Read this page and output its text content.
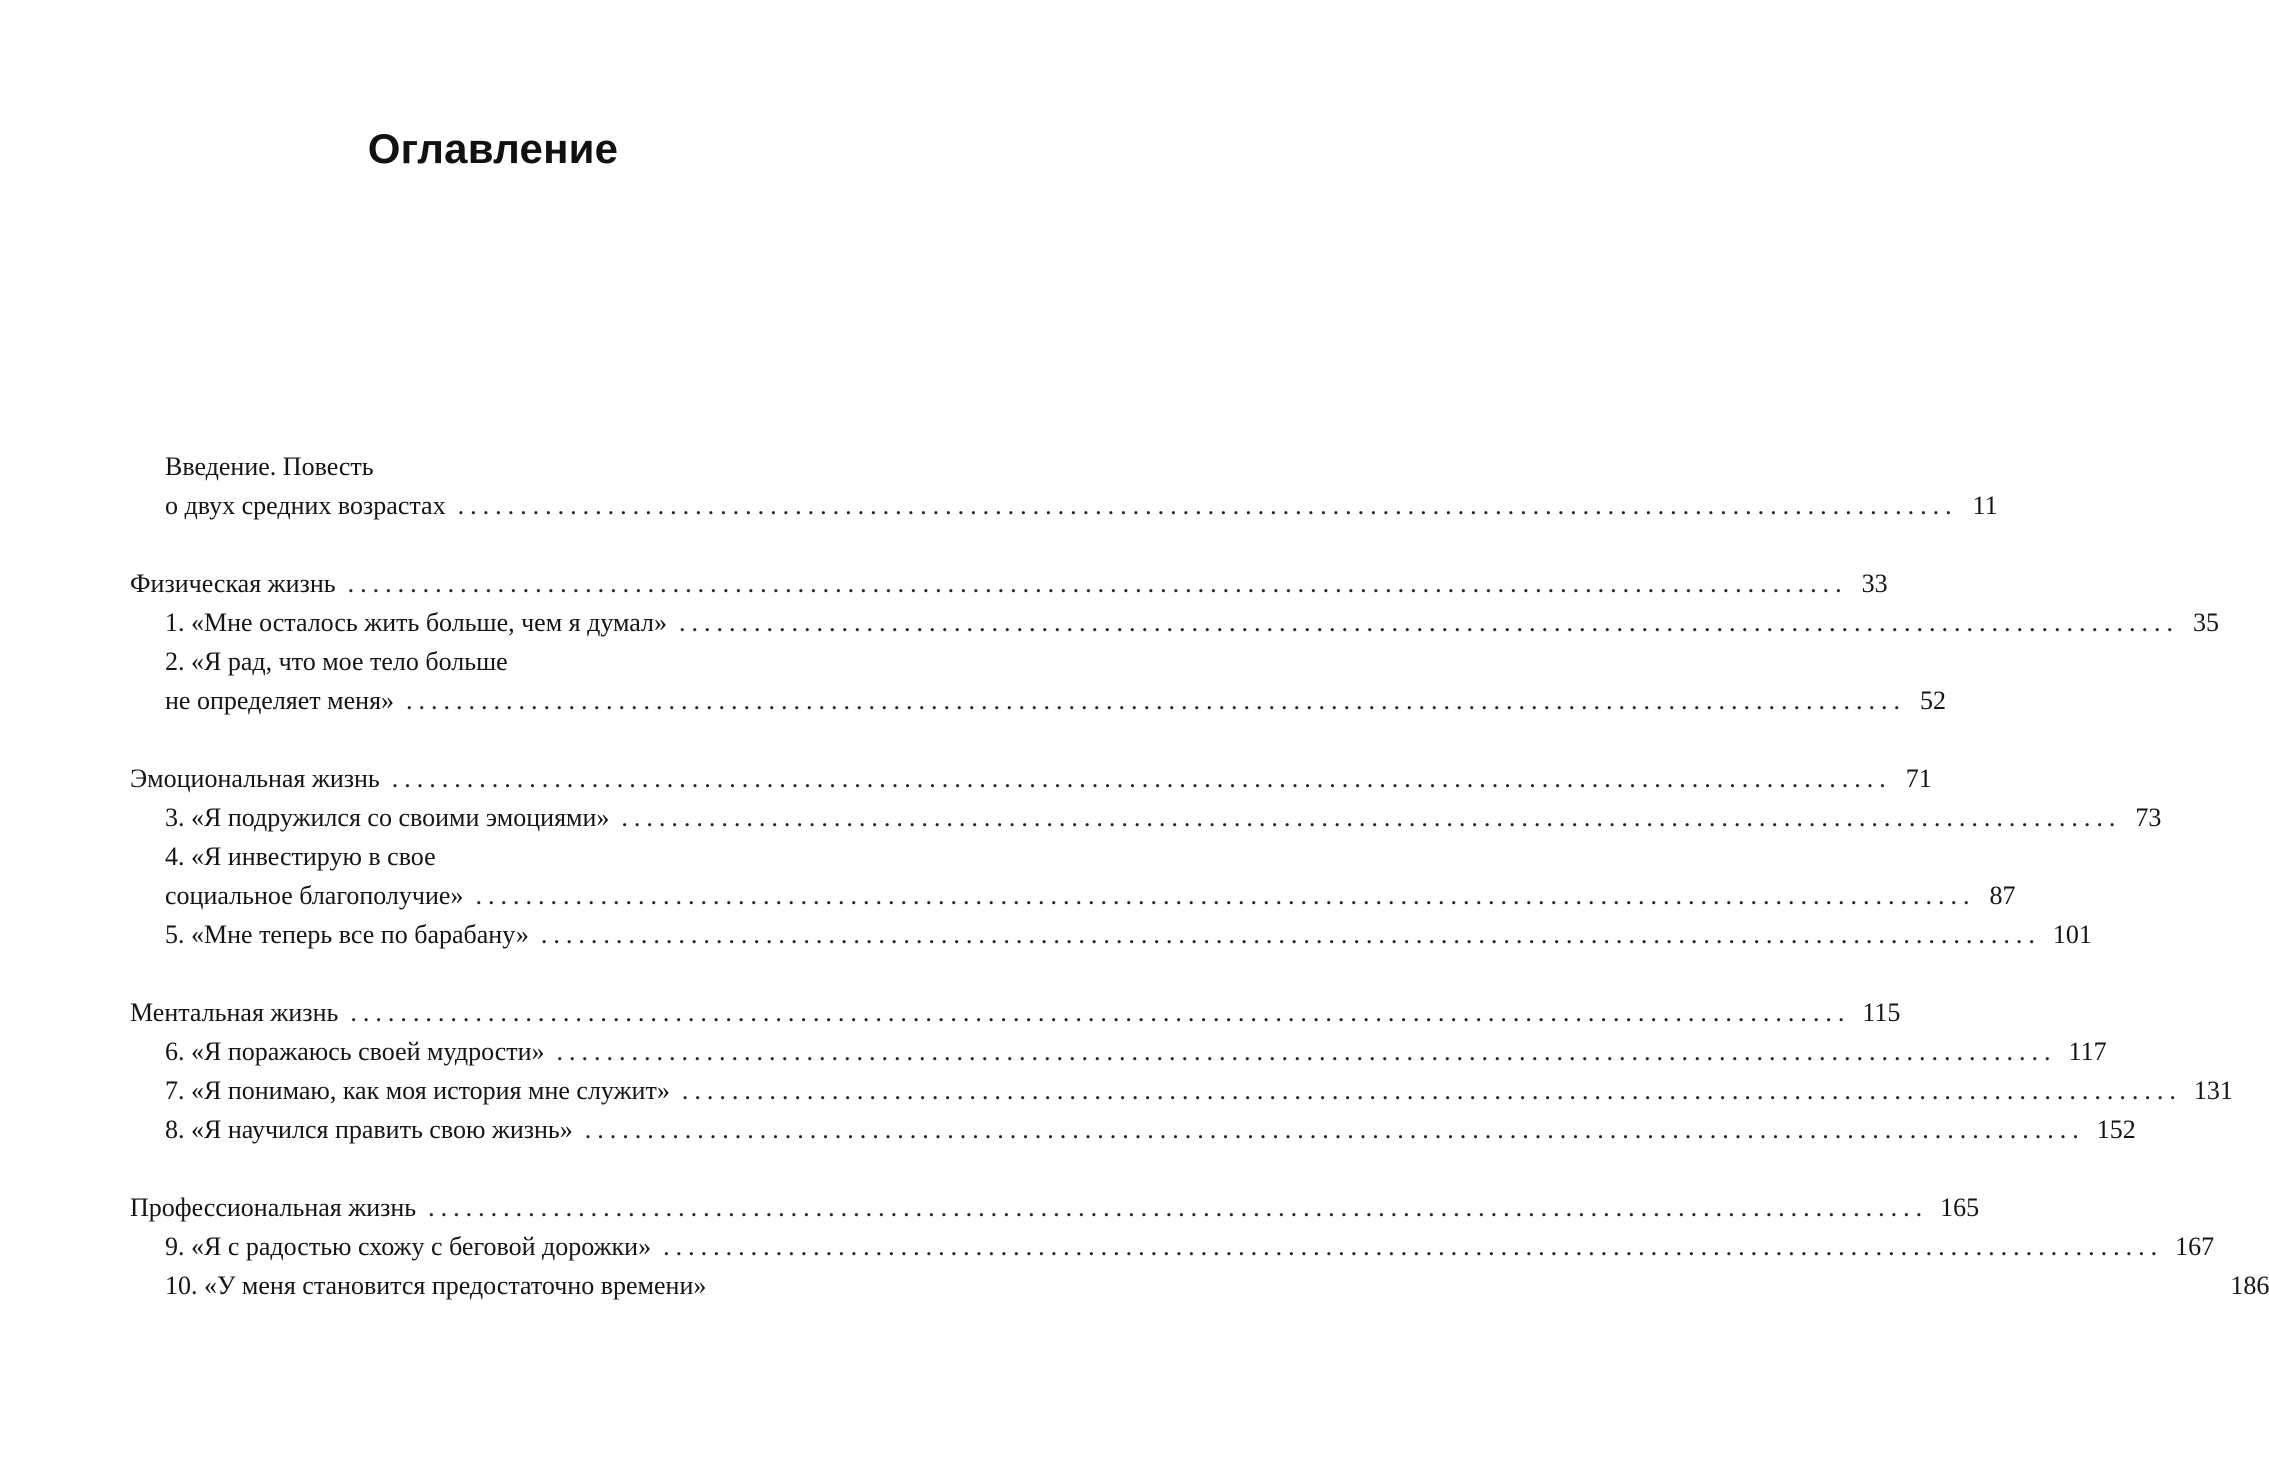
Оглавление
Введение. Повесть
о двух средних возрастах ........................................................................................................................ 11
Физическая жизнь ........................................................................................................................ 33
1. «Мне осталось жить больше, чем я думал» ........................................................................................................................ 35
2. «Я рад, что мое тело больше
не определяет меня» ........................................................................................................................ 52
Эмоциональная жизнь ........................................................................................................................ 71
3. «Я подружился со своими эмоциями» ........................................................................................................................ 73
4. «Я инвестирую в свое
социальное благополучие» ........................................................................................................................ 87
5. «Мне теперь все по барабану» ........................................................................................................................ 101
Ментальная жизнь ........................................................................................................................ 115
6. «Я поражаюсь своей мудрости» ........................................................................................................................ 117
7. «Я понимаю, как моя история мне служит» ........................................................................................................................ 131
8. «Я научился править свою жизнь» ........................................................................................................................ 152
Профессиональная жизнь ........................................................................................................................ 165
9. «Я с радостью схожу с беговой дорожки» ........................................................................................................................ 167
10. «У меня становится предостаточно времени»	186
